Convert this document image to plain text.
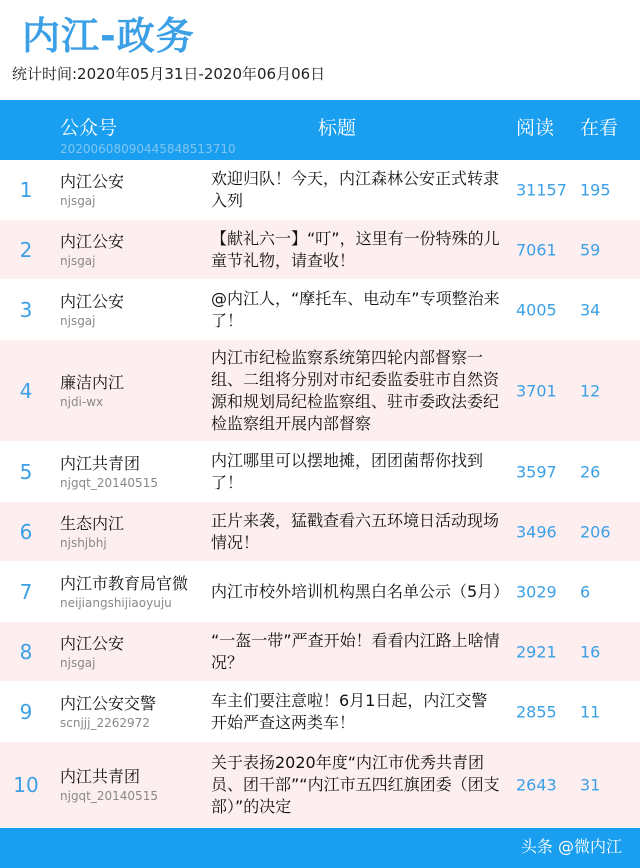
内江-政务
统计时间:2020年05月31日-2020年06月06日
公众号	标题	阅读 在看
20200608090445848513710
1	内江公安
njsgaj
欢迎归队！今天，内江森林公安正式转隶入列
31157 195
2	内江公安
njsgaj
【献礼六一】“叮”，这里有一份特殊的儿童节礼物，请查收！
7061 59
3	内江公安
njsgaj
@内江人，“摩托车、电动车”专项整治来了！
4005 34
4	廉洁内江
njdi-wx
内江市纪检监察系统第四轮内部督察一组、二组将分别对市纪委监委驻市自然资源和规划局纪检监察组、驻市委政法委纪检监察组开展内部督察
3701 12
5	内江共青团
njgqt_20140515
内江哪里可以摆地摊，团团菌帮你找到了！
3597 26
6	生态内江
njshjbhj
正片来袭，猛戳查看六五环境日活动现场情况！
3496 206
7	内江市教育局官微
neijiangshijiaoyuju
内江市校外培训机构黑白名单公示（5月） 3029 6
8	内江公安
njsgaj
“一盔一带”严查开始！看看内江路上啥情况？
2921 16
9	内江公安交警
scnjjj_2262972
车主们要注意啦！6月1日起，内江交警开始严查这两类车！
2855 11
10 内江共青团
njgqt_20140515
关于表扬2020年度“内江市优秀共青团员、团干部”“内江市五四红旗团委（团支部）”的决定
2643 31
头条 @微内江
